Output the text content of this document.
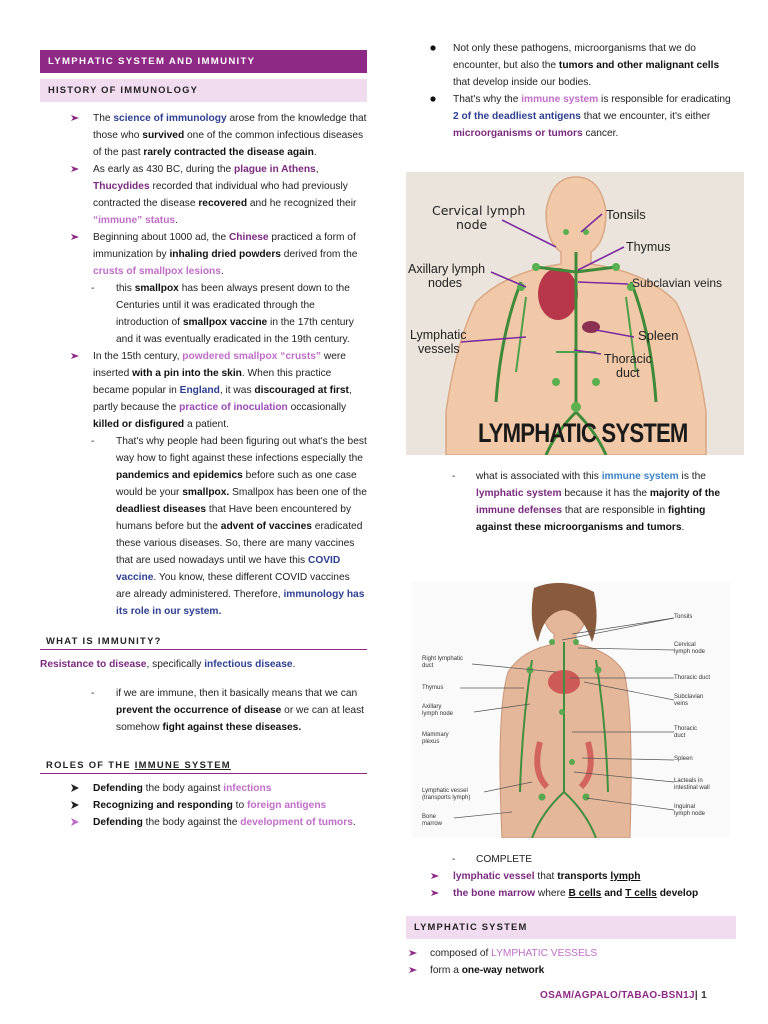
LYMPHATIC SYSTEM AND IMMUNITY
HISTORY OF IMMUNOLOGY
The science of immunology arose from the knowledge that those who survived one of the common infectious diseases of the past rarely contracted the disease again.
As early as 430 BC, during the plague in Athens, Thucydides recorded that individual who had previously contracted the disease recovered and he recognized their “immune” status.
Beginning about 1000 ad, the Chinese practiced a form of immunization by inhaling dried powders derived from the crusts of smallpox lesions.
- this smallpox has been always present down to the Centuries until it was eradicated through the introduction of smallpox vaccine in the 17th century and it was eventually eradicated in the 19th century.
In the 15th century, powdered smallpox “crusts” were inserted with a pin into the skin. When this practice became popular in England, it was discouraged at first, partly because the practice of inoculation occasionally killed or disfigured a patient.
- That's why people had been figuring out what's the best way how to fight against these infections especially the pandemics and epidemics before such as one case would be your smallpox. Smallpox has been one of the deadliest diseases that Have been encountered by humans before but the advent of vaccines eradicated these various diseases. So, there are many vaccines that are used nowadays until we have this COVID vaccine. You know, these different COVID vaccines are already administered. Therefore, immunology has its role in our system.
WHAT IS IMMUNITY?
Resistance to disease, specifically infectious disease.
- if we are immune, then it basically means that we can prevent the occurrence of disease or we can at least somehow fight against these diseases.
ROLES OF THE IMMUNE SYSTEM
Defending the body against infections
Recognizing and responding to foreign antigens
Defending the body against the development of tumors.
Not only these pathogens, microorganisms that we do encounter, but also the tumors and other malignant cells that develop inside our bodies.
That's why the immune system is responsible for eradicating 2 of the deadliest antigens that we encounter, it's either microorganisms or tumors cancer.
Cervical lymph
node
Tonsils
Thymus
Axillary lymph
nodes	Subclavian veins
Lymphatic
vessels
Spleen
Thoracic
duct
LYMPHATIC SYSTEM
- what is associated with this immune system is the lymphatic system because it has the majority of the immune defenses that are responsible in fighting against these microorganisms and tumors.
Tonsils
Cervical
lymph node
Right lymphatic
duct
Thoracic duct
Thymus
Subclavian
veins
Axillary
lymph node
Thoracic
duct
Mammary
plexus
Spleen
Lacteals in
intestinal wall
Lymphatic vessel
(transports lymph)
Inguinal
lymph node
Bone
marrow
- COMPLETE
lymphatic vessel that transports lymph
the bone marrow where B cells and T cells develop
LYMPHATIC SYSTEM
composed of LYMPHATIC VESSELS
form a one-way network
OSAM/AGPALO/TABAO-BSN1J| 1
